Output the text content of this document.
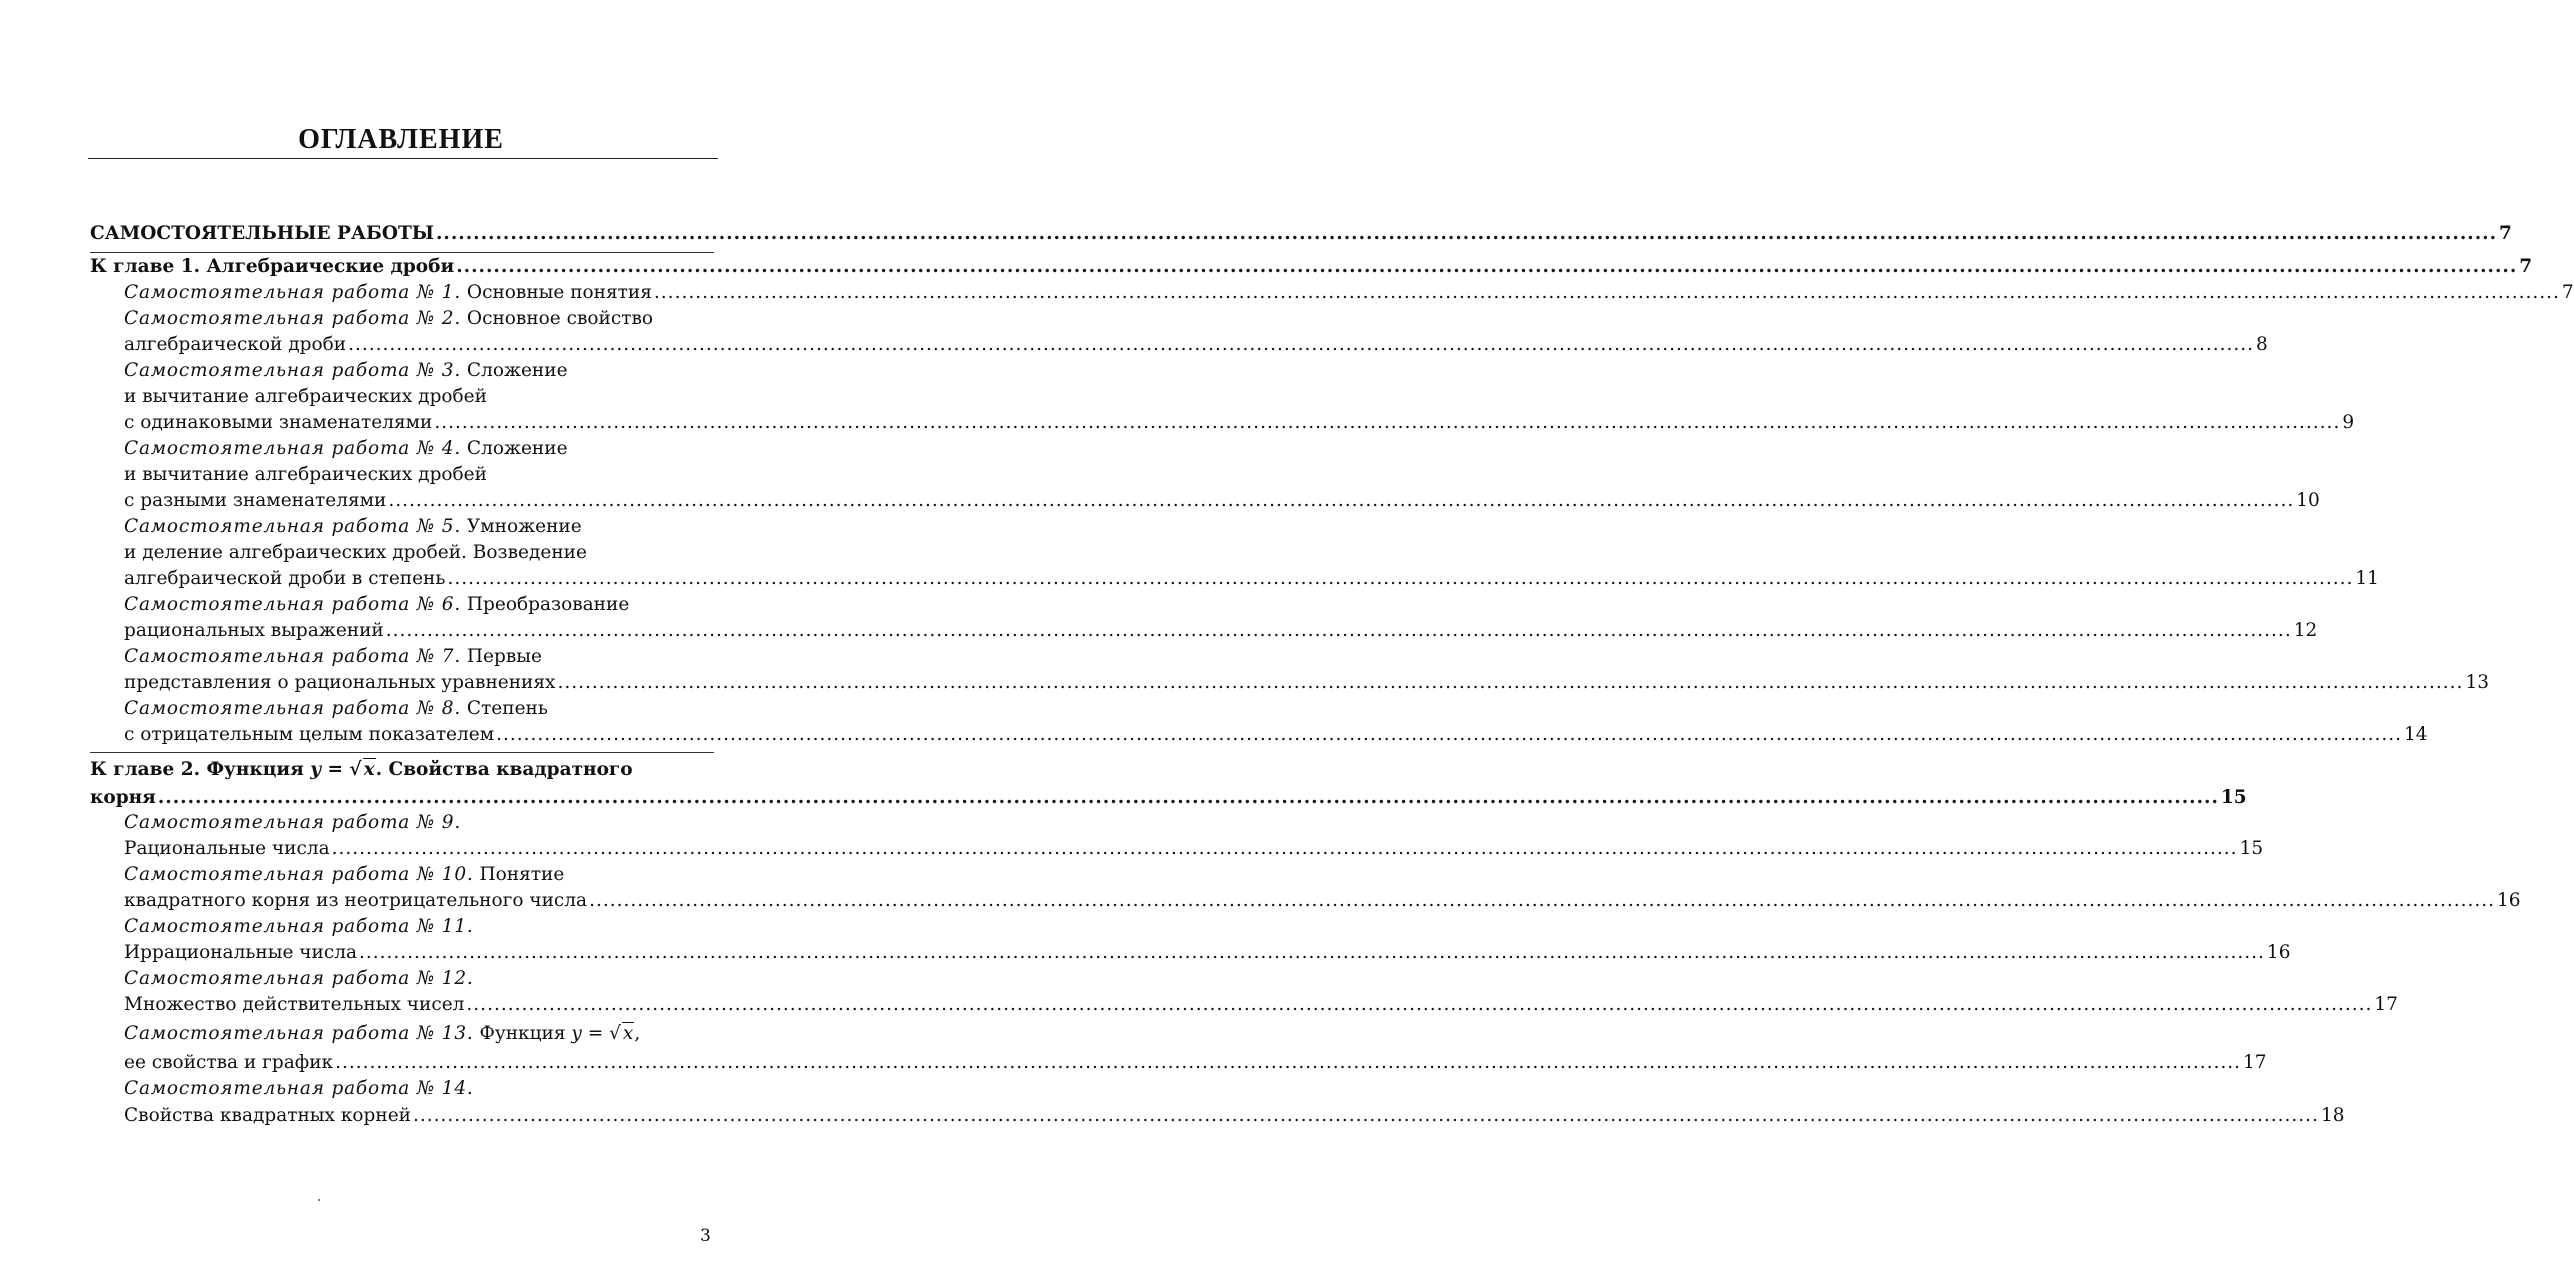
ОГЛАВЛЕНИЕ
САМОСТОЯТЕЛЬНЫЕ РАБОТЫ .....	7
К главе 1. Алгебраические дроби .....	7
Самостоятельная работа № 1. Основные понятия .....	7
Самостоятельная работа № 2. Основное свойство
алгебраической дроби .....	8
Самостоятельная работа № 3. Сложение
и вычитание алгебраических дробей
с одинаковыми знаменателями .....	9
Самостоятельная работа № 4. Сложение
и вычитание алгебраических дробей
с разными знаменателями .....	10
Самостоятельная работа № 5. Умножение
и деление алгебраических дробей. Возведение
алгебраической дроби в степень .....	11
Самостоятельная работа № 6. Преобразование
рациональных выражений .....	12
Самостоятельная работа № 7. Первые
представления о рациональных уравнениях .....	13
Самостоятельная работа № 8. Степень
с отрицательным целым показателем .....	14
К главе 2. Функция y = √ x. Свойства квадратного
корня .....	15
Самостоятельная работа № 9.
Рациональные числа .....	15
Самостоятельная работа № 10. Понятие
квадратного корня из неотрицательного числа .....	16
Самостоятельная работа № 11.
Иррациональные числа .....	16
Самостоятельная работа № 12.
Множество действительных чисел .....	17
Самостоятельная работа № 13. Функция y = √ x,
ее свойства и график .....	17
Самостоятельная работа № 14.
Свойства квадратных корней .....	18
3
